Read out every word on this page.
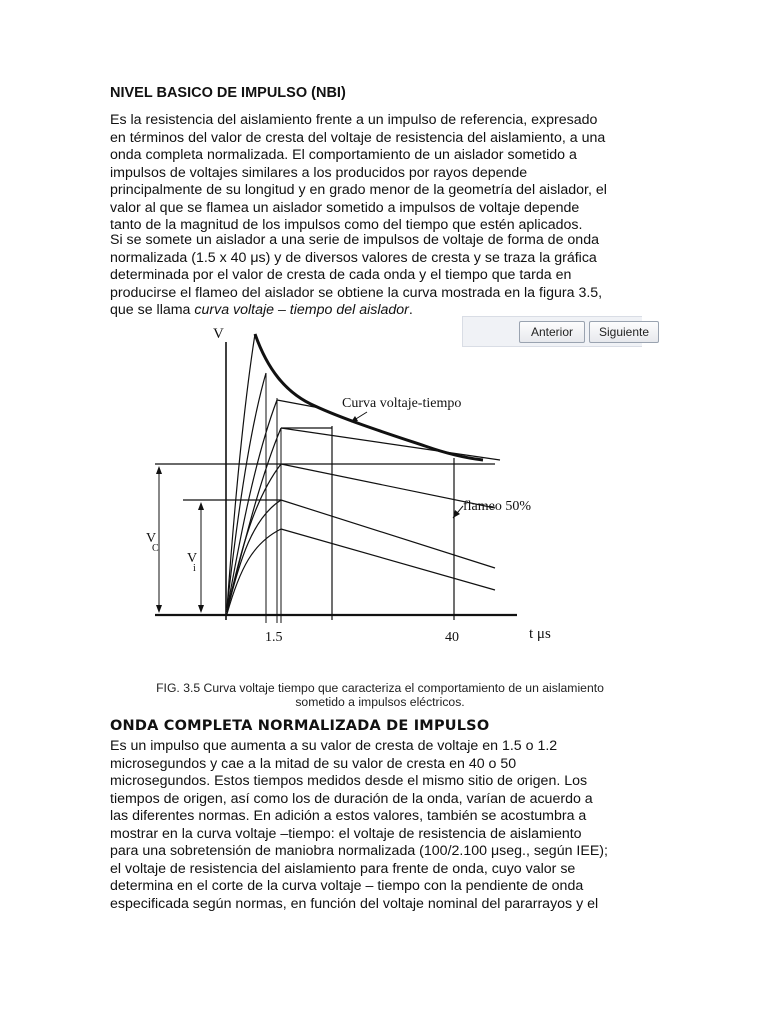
NIVEL BASICO DE IMPULSO (NBI)

Es la resistencia del aislamiento frente a un impulso de referencia, expresado
en términos del valor de cresta del voltaje de resistencia del aislamiento, a una
onda completa normalizada. El comportamiento de un aislador sometido a
impulsos de voltajes similares a los producidos por rayos depende
principalmente de su longitud y en grado menor de la geometría del aislador, el
valor al que se flamea un aislador sometido a impulsos de voltaje depende
tanto de la magnitud de los impulsos como del tiempo que estén aplicados.

Si se somete un aislador a una serie de impulsos de voltaje de forma de onda
normalizada (1.5 x 40 μs) y de diversos valores de cresta y se traza la gráfica
determinada por el valor de cresta de cada onda y el tiempo que tarda en
producirse el flameo del aislador se obtiene la curva mostrada en la figura 3.5,
que se llama curva voltaje – tiempo del aislador.

V
Curva voltaje-tiempo
flameo 50%
V
C
V
i
1.5	40	t μs
Anterior	Siguiente

FIG. 3.5 Curva voltaje tiempo que caracteriza el comportamiento de un aislamiento
sometido a impulsos eléctricos.

ONDA COMPLETA NORMALIZADA DE IMPULSO

Es un impulso que aumenta a su valor de cresta de voltaje en 1.5 o 1.2
microsegundos y cae a la mitad de su valor de cresta en 40 o 50
microsegundos. Estos tiempos medidos desde el mismo sitio de origen. Los
tiempos de origen, así como los de duración de la onda, varían de acuerdo a
las diferentes normas. En adición a estos valores, también se acostumbra a
mostrar en la curva voltaje –tiempo: el voltaje de resistencia de aislamiento
para una sobretensión de maniobra normalizada (100/2.100 μseg., según IEE);
el voltaje de resistencia del aislamiento para frente de onda, cuyo valor se
determina en el corte de la curva voltaje – tiempo con la pendiente de onda
especificada según normas, en función del voltaje nominal del pararrayos y el
